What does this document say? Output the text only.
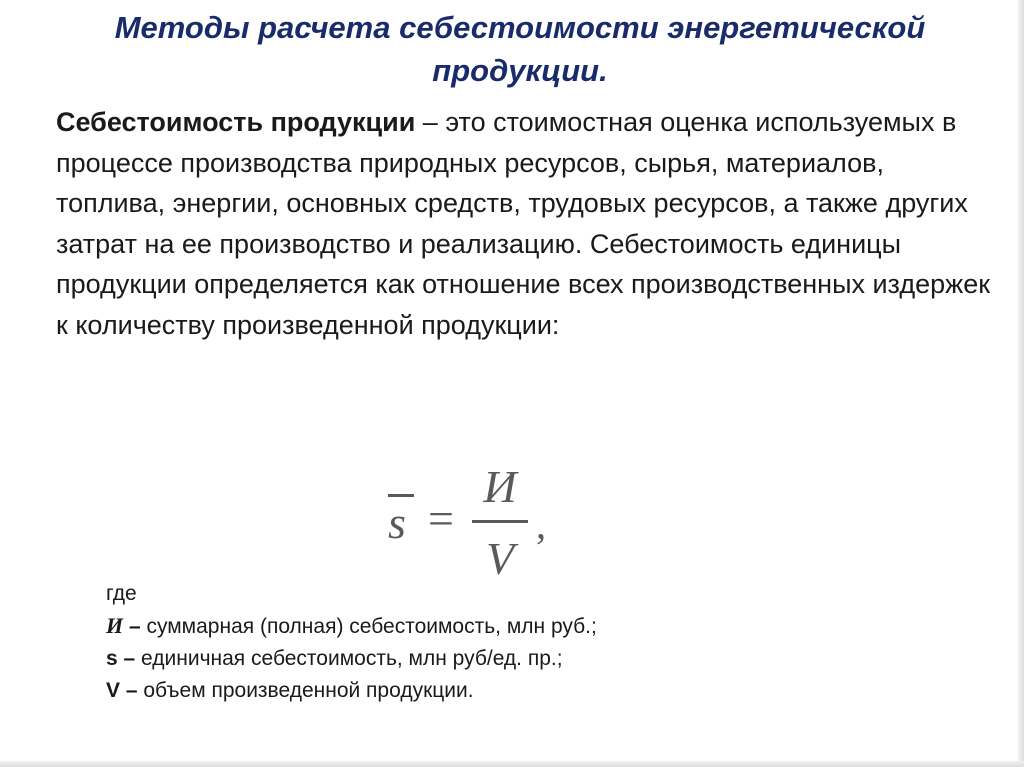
Методы расчета себестоимости энергетической
продукции.
Себестоимость продукции – это стоимостная оценка используемых в процессе производства природных ресурсов, сырья, материалов, топлива, энергии, основных средств, трудовых ресурсов, а также других затрат на ее производство и реализацию. Себестоимость единицы продукции определяется как отношение всех производственных издержек к количеству произведенной продукции:
s =
И
V
,
где
И – суммарная (полная) себестоимость, млн руб.;
s – единичная себестоимость, млн руб/ед. пр.;
V – объем произведенной продукции.
